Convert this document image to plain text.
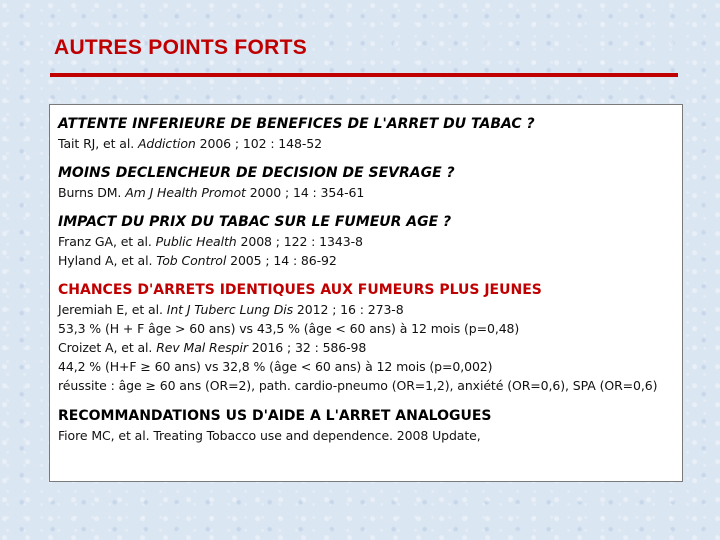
AUTRES POINTS FORTS
ATTENTE INFERIEURE DE BENEFICES DE L'ARRET DU TABAC ?
Tait RJ, et al. Addiction 2006 ; 102 : 148-52
MOINS DECLENCHEUR DE DECISION DE SEVRAGE ?
Burns DM. Am J Health Promot 2000 ; 14 : 354-61
IMPACT DU PRIX DU TABAC SUR LE FUMEUR AGE ?
Franz GA, et al. Public Health 2008 ; 122 : 1343-8
Hyland A, et al. Tob Control 2005 ; 14 : 86-92
CHANCES D'ARRETS IDENTIQUES AUX FUMEURS PLUS JEUNES
Jeremiah E, et al. Int J Tuberc Lung Dis 2012 ; 16 : 273-8
53,3 % (H + F âge > 60 ans) vs 43,5 % (âge < 60 ans) à 12 mois (p=0,48)
Croizet A, et al. Rev Mal Respir 2016 ; 32 : 586-98
44,2 % (H+F ≥ 60 ans) vs 32,8 % (âge < 60 ans) à 12 mois (p=0,002)
réussite : âge ≥ 60 ans (OR=2), path. cardio-pneumo (OR=1,2), anxiété (OR=0,6), SPA (OR=0,6)
RECOMMANDATIONS US D'AIDE A L'ARRET ANALOGUES
Fiore MC, et al. Treating Tobacco use and dependence. 2008 Update,
